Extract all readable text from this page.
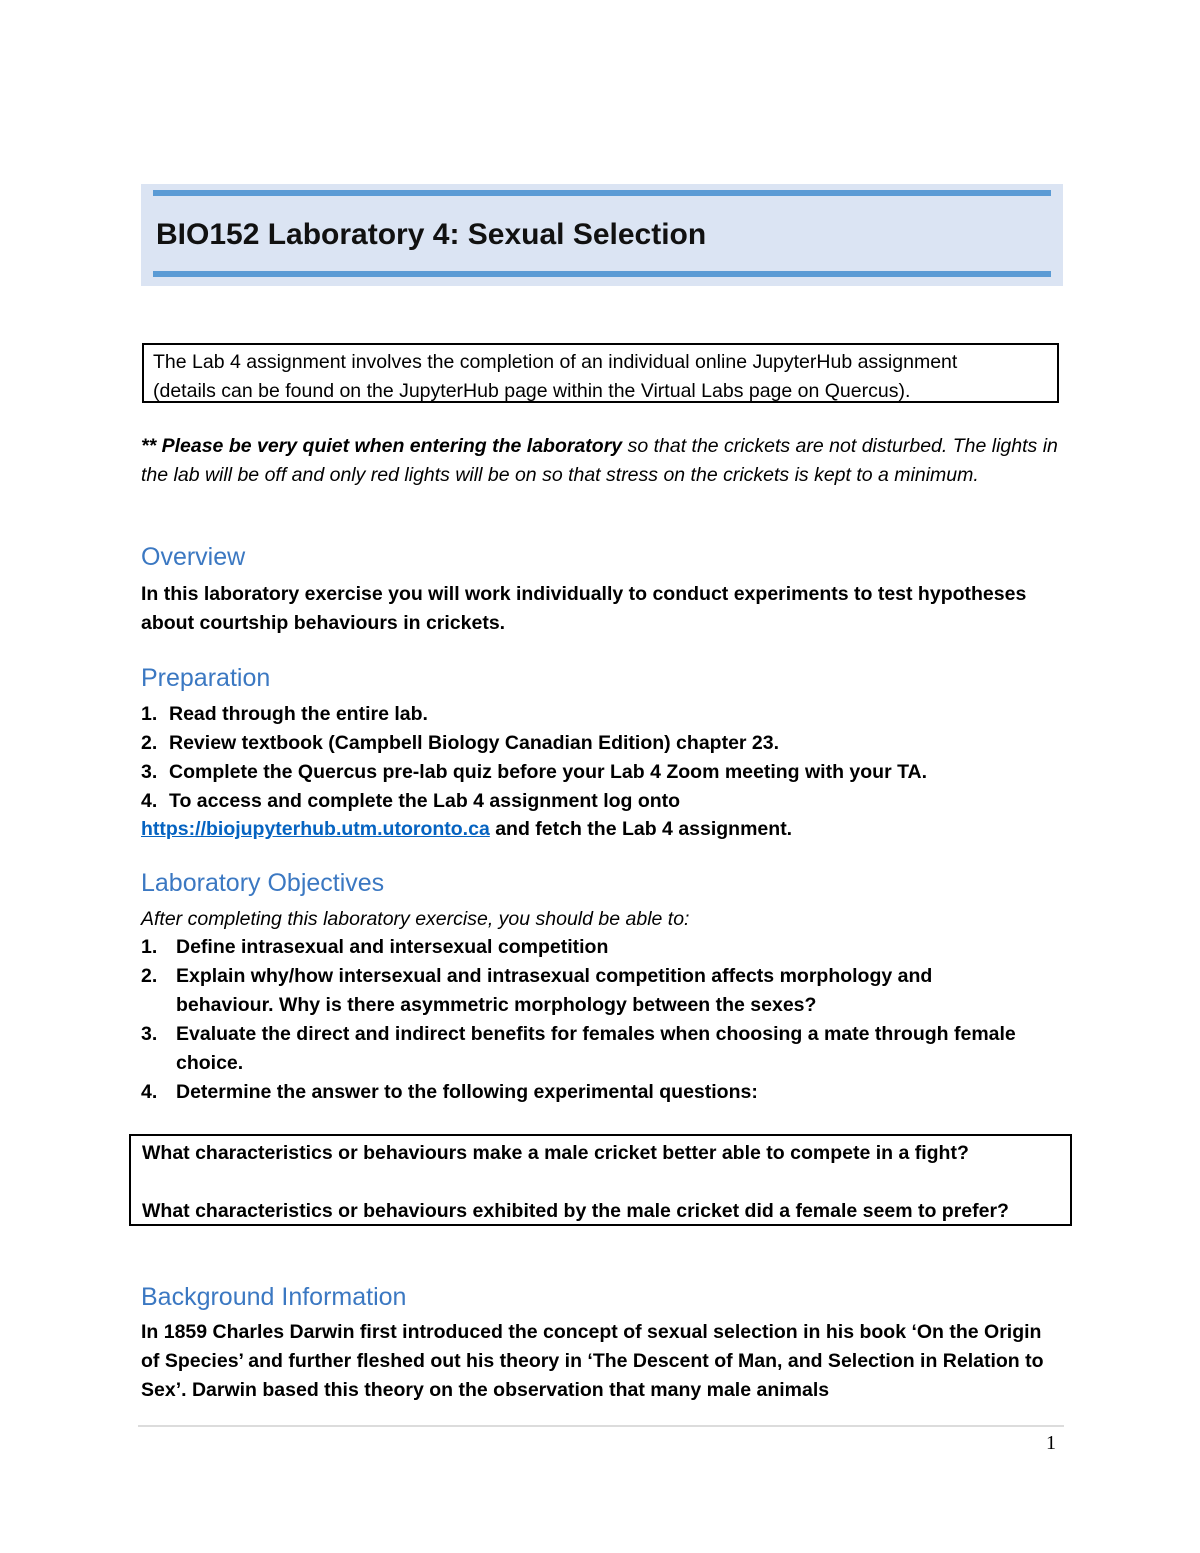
BIO152 Laboratory 4: Sexual Selection
The Lab 4 assignment involves the completion of an individual online JupyterHub assignment
(details can be found on the JupyterHub page within the Virtual Labs page on Quercus).
** Please be very quiet when entering the laboratory so that the crickets are not disturbed. The lights in the lab will be off and only red lights will be on so that stress on the crickets is kept to a minimum.
Overview
In this laboratory exercise you will work individually to conduct experiments to test hypotheses about courtship behaviours in crickets.
Preparation
1. Read through the entire lab.
2. Review textbook (Campbell Biology Canadian Edition) chapter 23.
3. Complete the Quercus pre-lab quiz before your Lab 4 Zoom meeting with your TA.
4. To access and complete the Lab 4 assignment log onto
https://biojupyterhub.utm.utoronto.ca and fetch the Lab 4 assignment.
Laboratory Objectives
After completing this laboratory exercise, you should be able to:
1. Define intrasexual and intersexual competition
2. Explain why/how intersexual and intrasexual competition affects morphology and behaviour. Why is there asymmetric morphology between the sexes?
3. Evaluate the direct and indirect benefits for females when choosing a mate through female choice.
4. Determine the answer to the following experimental questions:
What characteristics or behaviours make a male cricket better able to compete in a fight?
What characteristics or behaviours exhibited by the male cricket did a female seem to prefer?
Background Information
In 1859 Charles Darwin first introduced the concept of sexual selection in his book ‘On the Origin of Species’ and further fleshed out his theory in ‘The Descent of Man, and Selection in Relation to Sex’. Darwin based this theory on the observation that many male animals
1
